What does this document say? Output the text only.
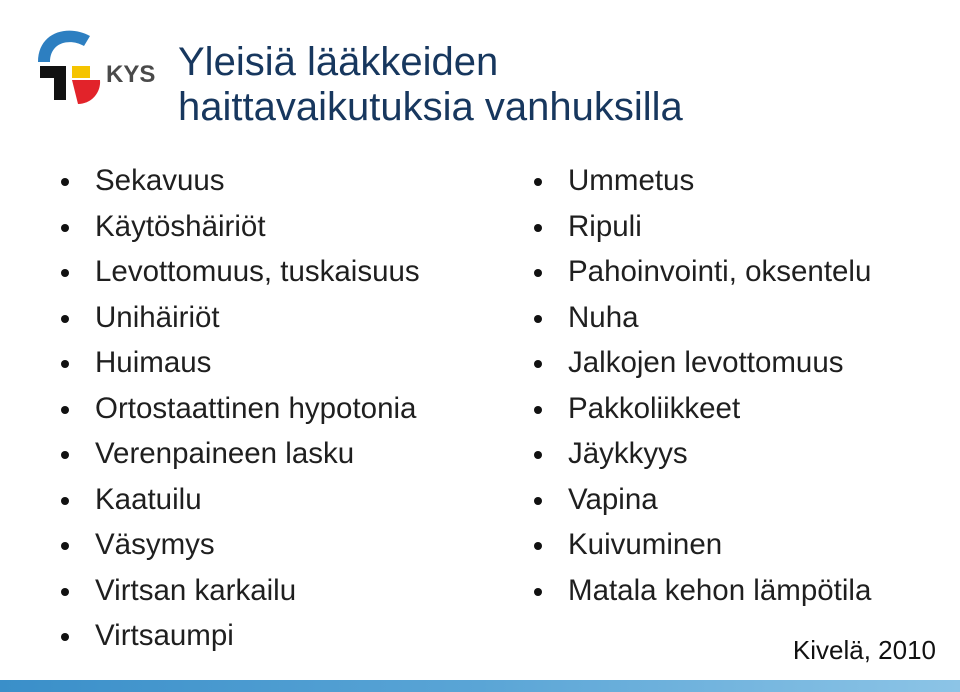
KYS Yleisiä lääkkeiden
haittavaikutuksia vanhuksilla
Sekavuus
Käytöshäiriöt
Levottomuus, tuskaisuus
Unihäiriöt
Huimaus
Ortostaattinen hypotonia
Verenpaineen lasku
Kaatuilu
Väsymys
Virtsan karkailu
Virtsaumpi
Ummetus
Ripuli
Pahoinvointi, oksentelu
Nuha
Jalkojen levottomuus
Pakkoliikkeet
Jäykkyys
Vapina
Kuivuminen
Matala kehon lämpötila
Kivelä, 2010
